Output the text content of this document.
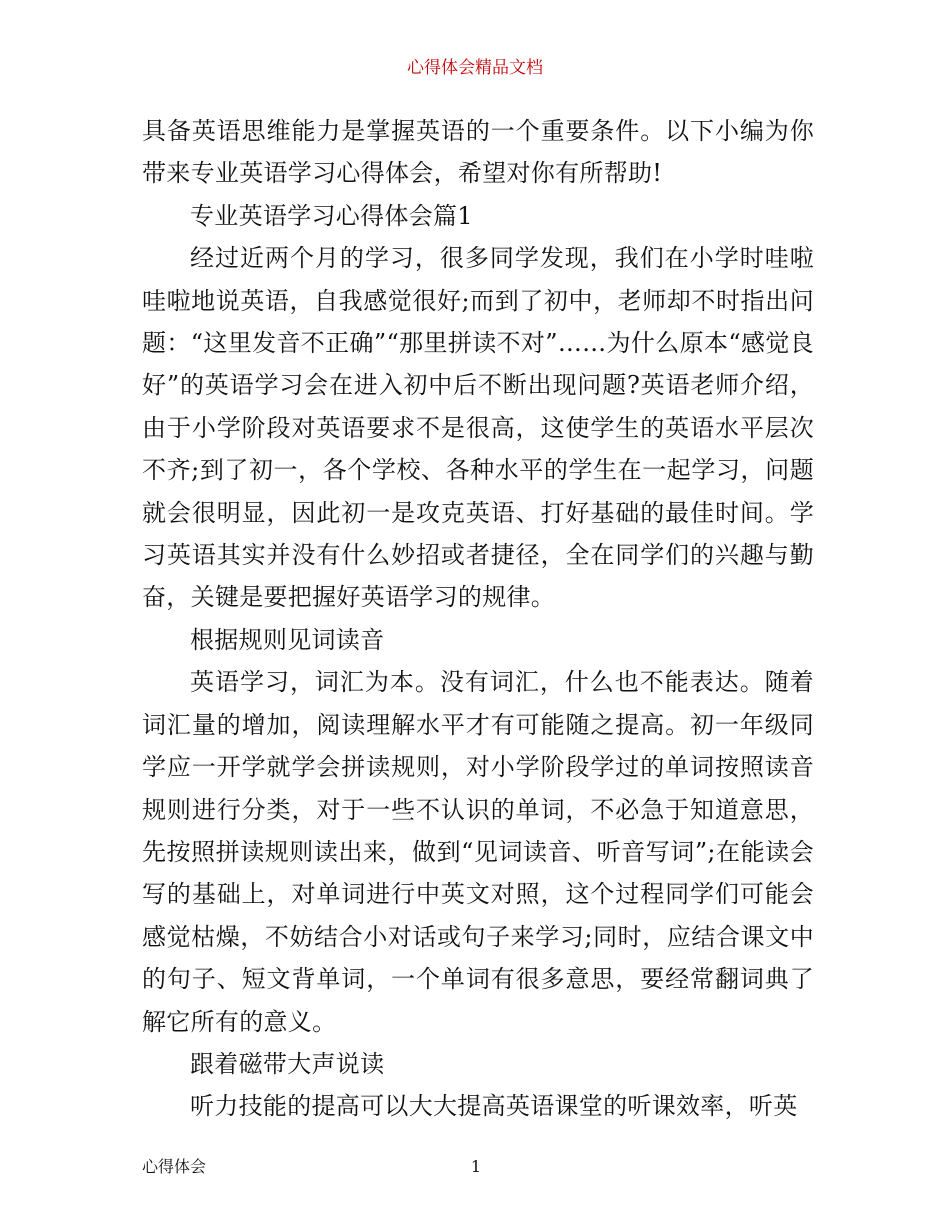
心得体会精品文档

具备英语思维能力是掌握英语的一个重要条件。以下小编为你带来专业英语学习心得体会，希望对你有所帮助!

专业英语学习心得体会篇1

经过近两个月的学习，很多同学发现，我们在小学时哇啦哇啦地说英语，自我感觉很好;而到了初中，老师却不时指出问题：“这里发音不正确”“那里拼读不对”……为什么原本“感觉良好”的英语学习会在进入初中后不断出现问题?英语老师介绍，由于小学阶段对英语要求不是很高，这使学生的英语水平层次不齐;到了初一，各个学校、各种水平的学生在一起学习，问题就会很明显，因此初一是攻克英语、打好基础的最佳时间。学习英语其实并没有什么妙招或者捷径，全在同学们的兴趣与勤奋，关键是要把握好英语学习的规律。

根据规则见词读音

英语学习，词汇为本。没有词汇，什么也不能表达。随着词汇量的增加，阅读理解水平才有可能随之提高。初一年级同学应一开学就学会拼读规则，对小学阶段学过的单词按照读音规则进行分类，对于一些不认识的单词，不必急于知道意思，先按照拼读规则读出来，做到“见词读音、听音写词”;在能读会写的基础上，对单词进行中英文对照，这个过程同学们可能会感觉枯燥，不妨结合小对话或句子来学习;同时，应结合课文中的句子、短文背单词，一个单词有很多意思，要经常翻词典了解它所有的意义。

跟着磁带大声说读

听力技能的提高可以大大提高英语课堂的听课效率，听英

心得体会	1
